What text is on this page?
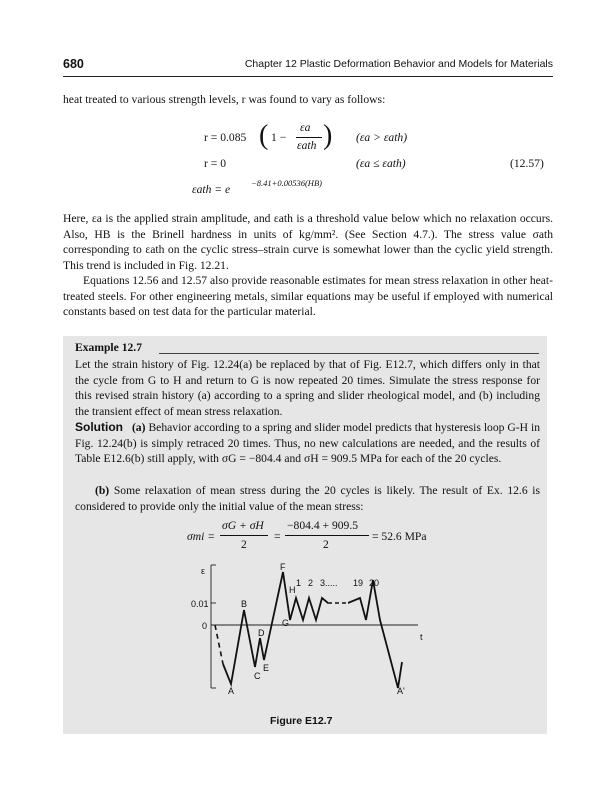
680	Chapter 12 Plastic Deformation Behavior and Models for Materials

heat treated to various strength levels, r was found to vary as follows:

r = 0.085 ( 1 −
εa
εath ) (εa > εath)
r = 0	(εa ≤ εath)	(12.57)
εath = e −8.41+0.00536(HB)

Here, εa is the applied strain amplitude, and εath is a threshold value below which no relaxation occurs. Also, HB is the Brinell hardness in units of kg/mm². (See Section 4.7.). The stress value σath corresponding to εath on the cyclic stress–strain curve is somewhat lower than the cyclic yield strength. This trend is included in Fig. 12.21.

Equations 12.56 and 12.57 also provide reasonable estimates for mean stress relaxation in other heat-treated steels. For other engineering metals, similar equations may be useful if employed with numerical constants based on test data for the particular material.

Example 12.7

Let the strain history of Fig. 12.24(a) be replaced by that of Fig. E12.7, which differs only in that the cycle from G to H and return to G is now repeated 20 times. Simulate the stress response for this revised strain history (a) according to a spring and slider rheological model, and (b) including the transient effect of mean stress relaxation.

Solution (a) Behavior according to a spring and slider model predicts that hysteresis loop G-H in Fig. 12.24(b) is simply retraced 20 times. Thus, no new calculations are needed, and the results of Table E12.6(b) still apply, with σG = −804.4 and σH = 909.5 MPa for each of the 20 cycles.

(b) Some relaxation of mean stress during the 20 cycles is likely. The result of Ex. 12.6 is considered to provide only the initial value of the mean stress:

σmi =
σG + σH
2
=
−804.4 + 909.5
2
= 52.6 MPa
ε
0.01
0
t
A
B
C
D
E
F
G
H
A'
1 2 3..... 19 20
Figure E12.7
